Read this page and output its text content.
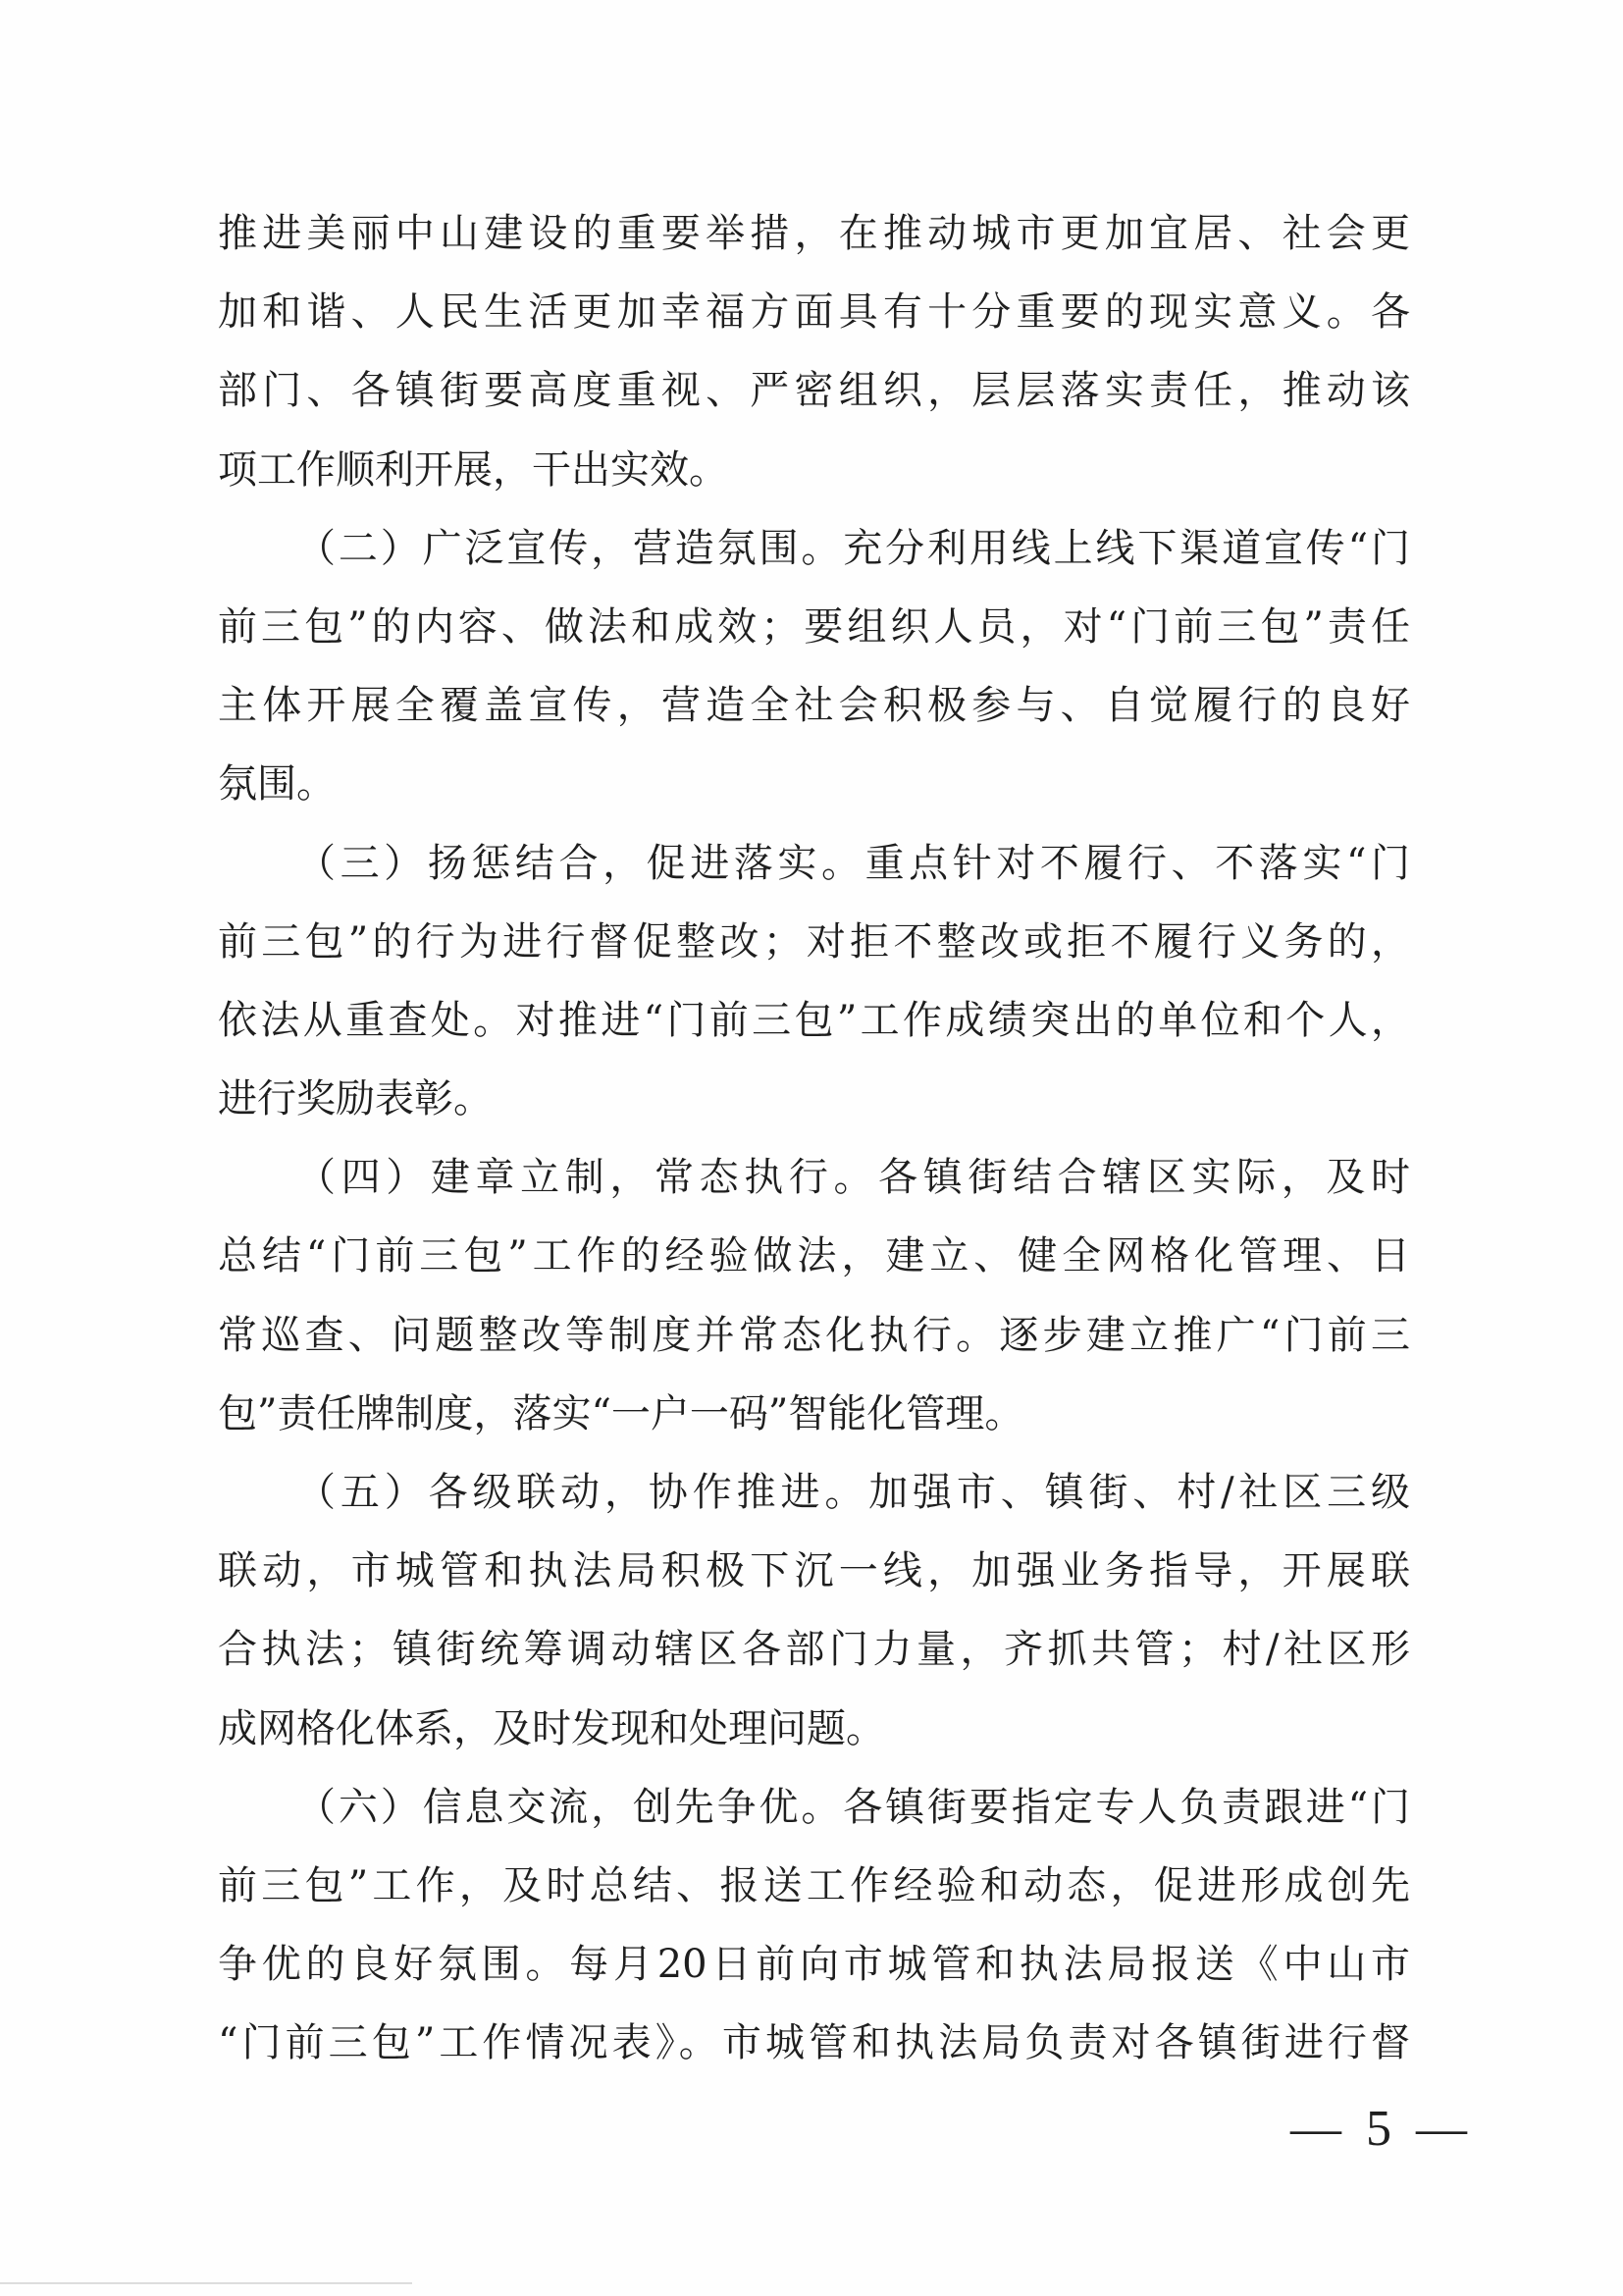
推进美丽中山建设的重要举措，在推动城市更加宜居、社会更
加和谐、人民生活更加幸福方面具有十分重要的现实意义。各
部门、各镇街要高度重视、严密组织，层层落实责任，推动该
项工作顺利开展，干出实效。
（二）广泛宣传，营造氛围。充分利用线上线下渠道宣传“门
前三包”的内容、做法和成效；要组织人员，对“门前三包”责任
主体开展全覆盖宣传，营造全社会积极参与、自觉履行的良好
氛围。
（三）扬惩结合，促进落实。重点针对不履行、不落实“门
前三包”的行为进行督促整改；对拒不整改或拒不履行义务的，
依法从重查处。对推进“门前三包”工作成绩突出的单位和个人，
进行奖励表彰。
（四）建章立制，常态执行。各镇街结合辖区实际，及时
总结“门前三包”工作的经验做法，建立、健全网格化管理、日
常巡查、问题整改等制度并常态化执行。逐步建立推广“门前三
包”责任牌制度，落实“一户一码”智能化管理。
（五）各级联动，协作推进。加强市、镇街、村/社区三级
联动，市城管和执法局积极下沉一线，加强业务指导，开展联
合执法；镇街统筹调动辖区各部门力量，齐抓共管；村/社区形
成网格化体系，及时发现和处理问题。
（六）信息交流，创先争优。各镇街要指定专人负责跟进“门
前三包”工作，及时总结、报送工作经验和动态，促进形成创先
争优的良好氛围。每月20日前向市城管和执法局报送《中山市
“门前三包”工作情况表》。市城管和执法局负责对各镇街进行督
— 5 —
